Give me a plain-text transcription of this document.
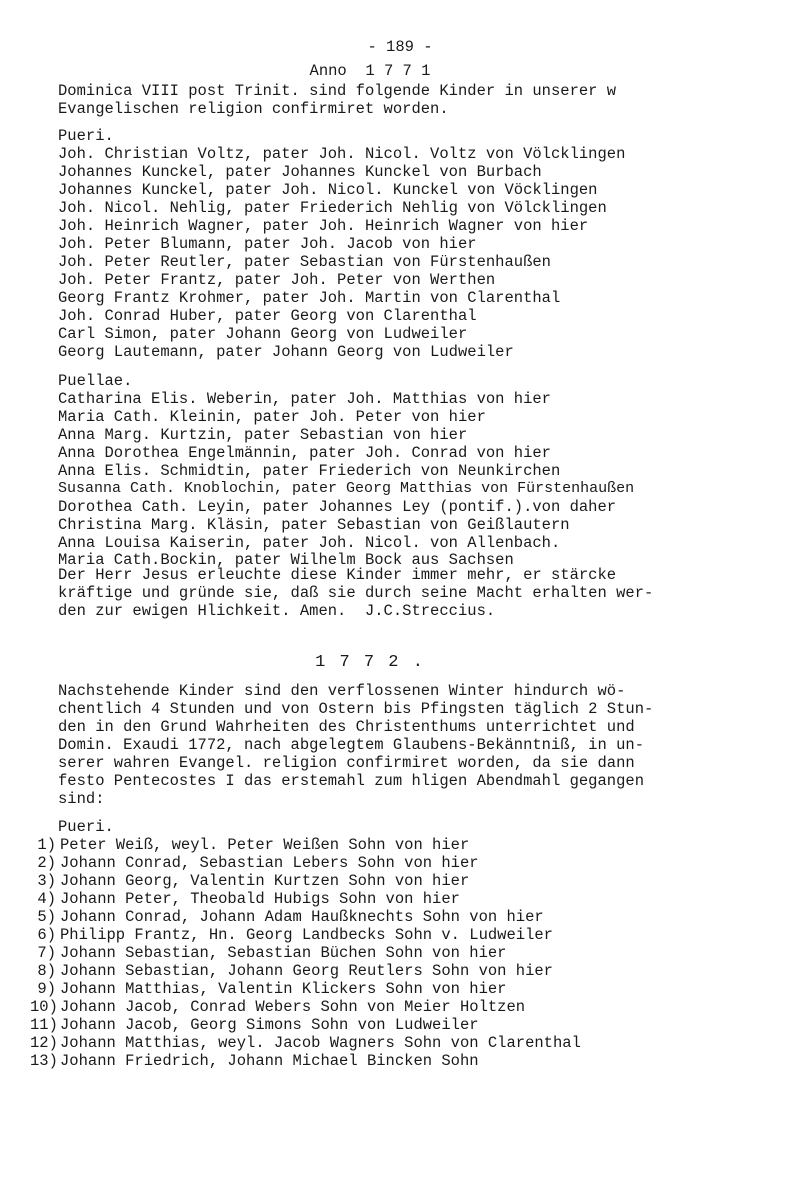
- 189 -
Anno  1 7 7 1
Dominica VIII post Trinit. sind folgende Kinder in unserer w
Evangelischen religion confirmiret worden.
Pueri.
Joh. Christian Voltz, pater Joh. Nicol. Voltz von Völcklingen
Johannes Kunckel, pater Johannes Kunckel von Burbach
Johannes Kunckel, pater Joh. Nicol. Kunckel von Vöcklingen
Joh. Nicol. Nehlig, pater Friederich Nehlig von Völcklingen
Joh. Heinrich Wagner, pater Joh. Heinrich Wagner von hier
Joh. Peter Blumann, pater Joh. Jacob von hier
Joh. Peter Reutler, pater Sebastian von Fürstenhaußen
Joh. Peter Frantz, pater Joh. Peter von Werthen
Georg Frantz Krohmer, pater Joh. Martin von Clarenthal
Joh. Conrad Huber, pater Georg von Clarenthal
Carl Simon, pater Johann Georg von Ludweiler
Georg Lautemann, pater Johann Georg von Ludweiler
Puellae.
Catharina Elis. Weberin, pater Joh. Matthias von hier
Maria Cath. Kleinin, pater Joh. Peter von hier
Anna Marg. Kurtzin, pater Sebastian von hier
Anna Dorothea Engelmännin, pater Joh. Conrad von hier
Anna Elis. Schmidtin, pater Friederich von Neunkirchen
Susanna Cath. Knoblochin, pater Georg Matthias von Fürstenhaußen
Dorothea Cath. Leyin, pater Johannes Ley (pontif.).von daher
Christina Marg. Kläsin, pater Sebastian von Geißlautern
Anna Louisa Kaiserin, pater Joh. Nicol. von Allenbach.
Maria Cath.Bockin, pater Wilhelm Bock aus Sachsen
Der Herr Jesus erleuchte diese Kinder immer mehr, er stärcke
kräftige und gründe sie, daß sie durch seine Macht erhalten wer-
den zur ewigen Hlichkeit. Amen.  J.C.Streccius.
1 7 7 2 .
Nachstehende Kinder sind den verflossenen Winter hindurch wö-
chentlich 4 Stunden und von Ostern bis Pfingsten täglich 2 Stun-
den in den Grund Wahrheiten des Christenthums unterrichtet und
Domin. Exaudi 1772, nach abgelegtem Glaubens-Bekänntniß, in un-
serer wahren Evangel. religion confirmiret worden, da sie dann
festo Pentecostes I das erstemahl zum hligen Abendmahl gegangen
sind:
Pueri.
1) Peter Weiß, weyl. Peter Weißen Sohn von hier
2) Johann Conrad, Sebastian Lebers Sohn von hier
3) Johann Georg, Valentin Kurtzen Sohn von hier
4) Johann Peter, Theobald Hubigs Sohn von hier
5) Johann Conrad, Johann Adam Haußknechts Sohn von hier
6) Philipp Frantz, Hn. Georg Landbecks Sohn v. Ludweiler
7) Johann Sebastian, Sebastian Büchen Sohn von hier
8) Johann Sebastian, Johann Georg Reutlers Sohn von hier
9) Johann Matthias, Valentin Klickers Sohn von hier
10) Johann Jacob, Conrad Webers Sohn von Meier Holtzen
11) Johann Jacob, Georg Simons Sohn von Ludweiler
12) Johann Matthias, weyl. Jacob Wagners Sohn von Clarenthal
13) Johann Friedrich, Johann Michael Bincken Sohn
